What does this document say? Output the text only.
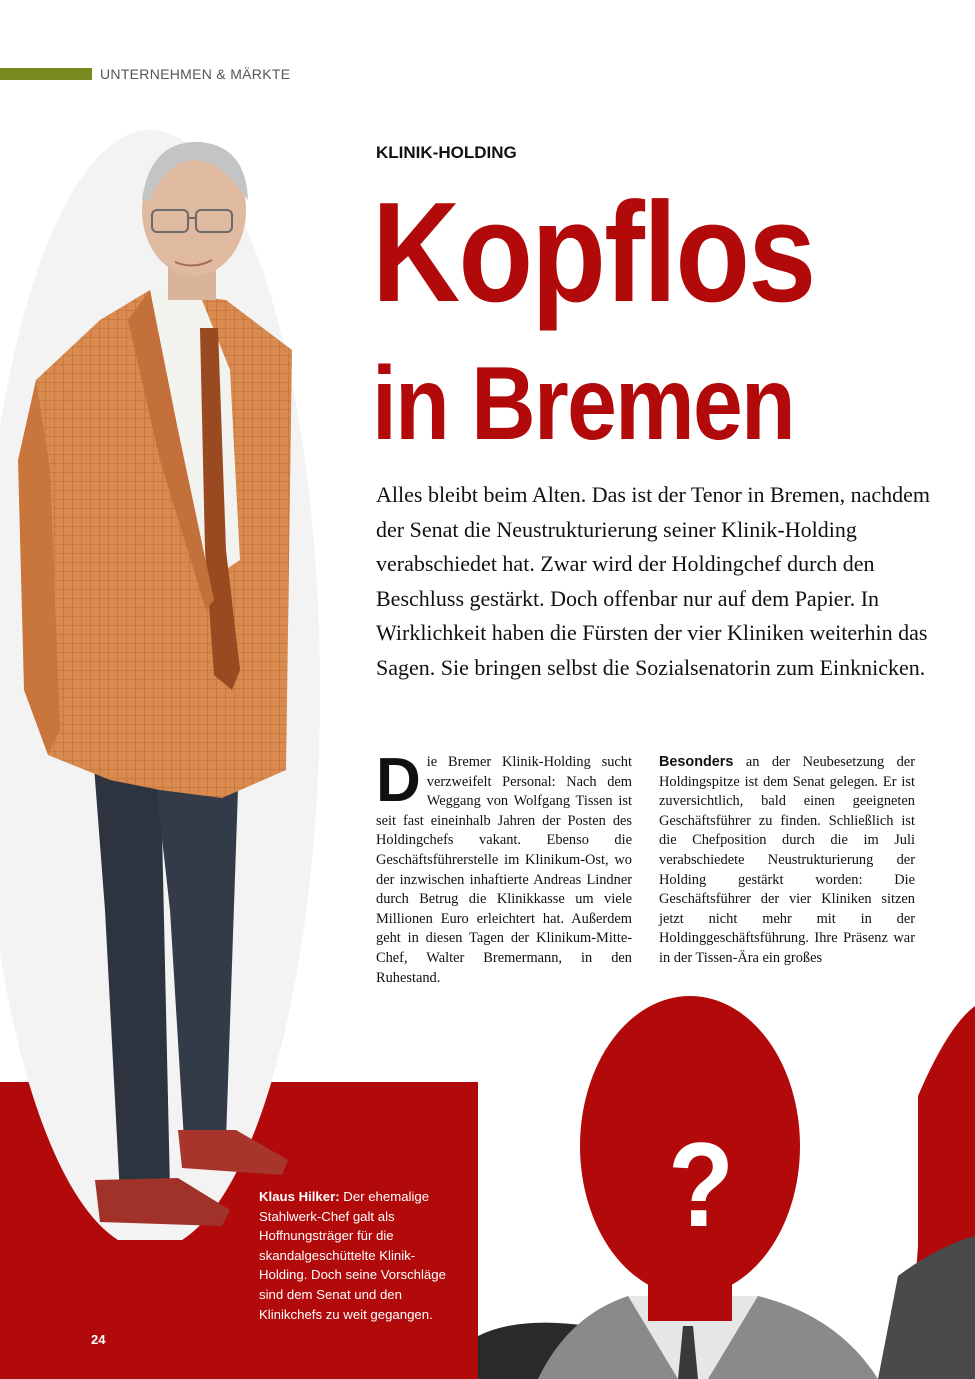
UNTERNEHMEN & MÄRKTE
KLINIK-HOLDING
Kopflos
in Bremen

Alles bleibt beim Alten. Das ist der Tenor in Bremen, nachdem der Senat die Neustrukturierung seiner Klinik-Holding verabschiedet hat. Zwar wird der Holdingchef durch den Beschluss gestärkt. Doch offenbar nur auf dem Papier. In Wirklichkeit haben die Fürsten der vier Kliniken weiterhin das Sagen. Sie bringen selbst die Sozialsenatorin zum Einknicken.

Die Bremer Klinik-Holding sucht verzweifelt Personal: Nach dem Weggang von Wolfgang Tissen ist seit fast eineinhalb Jahren der Posten des Holdingchefs vakant. Ebenso die Geschäftsführerstelle im Klinikum-Ost, wo der inzwischen inhaftierte Andreas Lindner durch Betrug die Klinikkasse um viele Millionen Euro erleichtert hat. Außerdem geht in diesen Tagen der Klinikum-Mitte-Chef, Walter Bremermann, in den Ruhestand.

Besonders an der Neubesetzung der Holdingspitze ist dem Senat gelegen. Er ist zuversichtlich, bald einen geeigneten Geschäftsführer zu finden. Schließlich ist die Chefposition durch die im Juli verabschiedete Neustrukturierung der Holding gestärkt worden: Die Geschäftsführer der vier Kliniken sitzen jetzt nicht mehr mit in der Holdinggeschäftsführung. Ihre Präsenz war in der Tissen-Ära ein großes

Klaus Hilker: Der ehemalige Stahlwerk-Chef galt als Hoffnungsträger für die skandalgeschüttelte Klinik-Holding. Doch seine Vorschläge sind dem Senat und den Klinikchefs zu weit gegangen.

24
?
